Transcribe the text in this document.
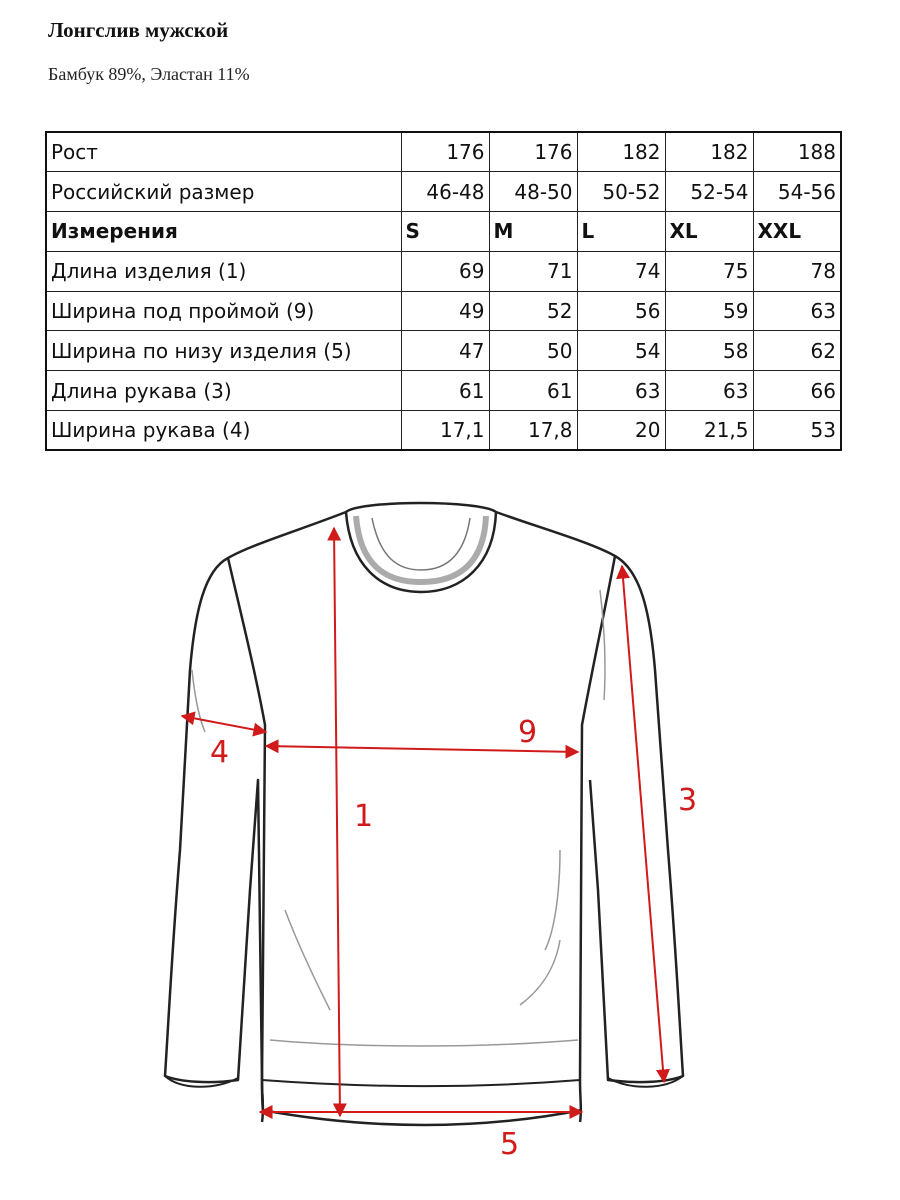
Лонгслив мужской
Бамбук 89%, Эластан 11%
Рост	176	176	182	182	188
Российский размер	46-48	48-50	50-52	52-54	54-56
Измерения	S	M	L	XL	XXL
Длина изделия (1)	69	71	74	75	78
Ширина под проймой (9)	49	52	56	59	63
Ширина по низу изделия (5)	47	50	54	58	62
Длина рукава (3)	61	61	63	63	66
Ширина рукава (4)	17,1	17,8	20	21,5	53
1
9
4
3
5
